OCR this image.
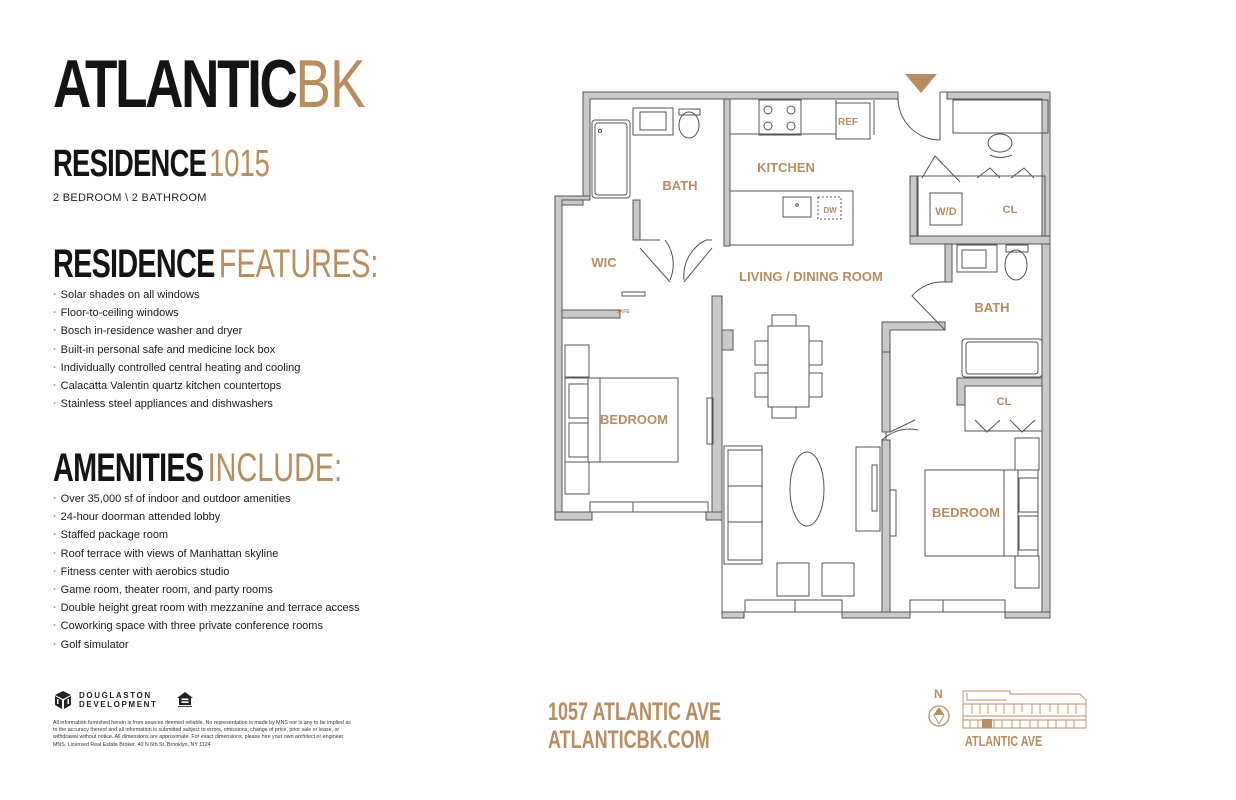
ATLANTICBK
RESIDENCE1015
2 BEDROOM \ 2 BATHROOM
RESIDENCE FEATURES:
· Solar shades on all windows
· Floor-to-ceiling windows
· Bosch in-residence washer and dryer
· Built-in personal safe and medicine lock box
· Individually controlled central heating and cooling
· Calacatta Valentin quartz kitchen countertops
· Stainless steel appliances and dishwashers
AMENITIES INCLUDE:
· Over 35,000 sf of indoor and outdoor amenities
· 24-hour doorman attended lobby
· Staffed package room
· Roof terrace with views of Manhattan skyline
· Fitness center with aerobics studio
· Game room, theater room, and party rooms
· Double height great room with mezzanine and terrace access
· Coworking space with three private conference rooms
· Golf simulator
DOUGLASTON
DEVELOPMENT
All information furnished herein is from sources deemed reliable. No representation is made by MNS nor is any to be implied as to the accuracy thereof and all information is submitted subject to errors, omissions, change of price, prior sale or lease, or withdrawal without notice. All dimensions are approximate. For exact dimensions, please hire your own architect or engineer. MNS, Licensed Real Estate Broker. 40 N 6th St, Brooklyn, NY 1124
1057 ATLANTIC AVE
ATLANTICBK.COM
N
ATLANTIC AVE
BATH
KITCHEN
REF
DW
WIC
SAFE
LIVING / DINING ROOM
W/D	CL
BATH
CL
BEDROOM
BEDROOM
